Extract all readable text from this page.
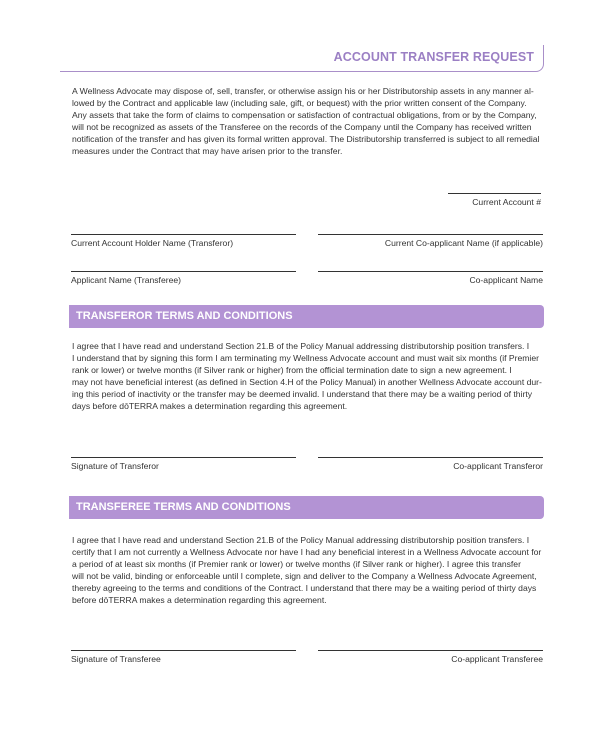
ACCOUNT TRANSFER REQUEST
A Wellness Advocate may dispose of, sell, transfer, or otherwise assign his or her Distributorship assets in any manner al-
lowed by the Contract and applicable law (including sale, gift, or bequest) with the prior written consent of the Company.
Any assets that take the form of claims to compensation or satisfaction of contractual obligations, from or by the Company,
will not be recognized as assets of the Transferee on the records of the Company until the Company has received written
notification of the transfer and has given its formal written approval. The Distributorship transferred is subject to all remedial
measures under the Contract that may have arisen prior to the transfer.
Current Account #
Current Account Holder Name (Transferor)	Current Co-applicant Name (if applicable)
Applicant Name (Transferee)	Co-applicant Name
TRANSFEROR TERMS AND CONDITIONS
I agree that I have read and understand Section 21.B of the Policy Manual addressing distributorship position transfers. I
I understand that by signing this form I am terminating my Wellness Advocate account and must wait six months (if Premier
rank or lower) or twelve months (if Silver rank or higher) from the official termination date to sign a new agreement. I
may not have beneficial interest (as defined in Section 4.H of the Policy Manual) in another Wellness Advocate account dur-
ing this period of inactivity or the transfer may be deemed invalid. I understand that there may be a waiting period of thirty
days before dōTERRA makes a determination regarding this agreement.
Signature of Transferor	Co-applicant Transferor
TRANSFEREE TERMS AND CONDITIONS
I agree that I have read and understand Section 21.B of the Policy Manual addressing distributorship position transfers. I
certify that I am not currently a Wellness Advocate nor have I had any beneficial interest in a Wellness Advocate account for
a period of at least six months (if Premier rank or lower) or twelve months (if Silver rank or higher). I agree this transfer
will not be valid, binding or enforceable until I complete, sign and deliver to the Company a Wellness Advocate Agreement,
thereby agreeing to the terms and conditions of the Contract. I understand that there may be a waiting period of thirty days
before dōTERRA makes a determination regarding this agreement.
Signature of Transferee	Co-applicant Transferee
